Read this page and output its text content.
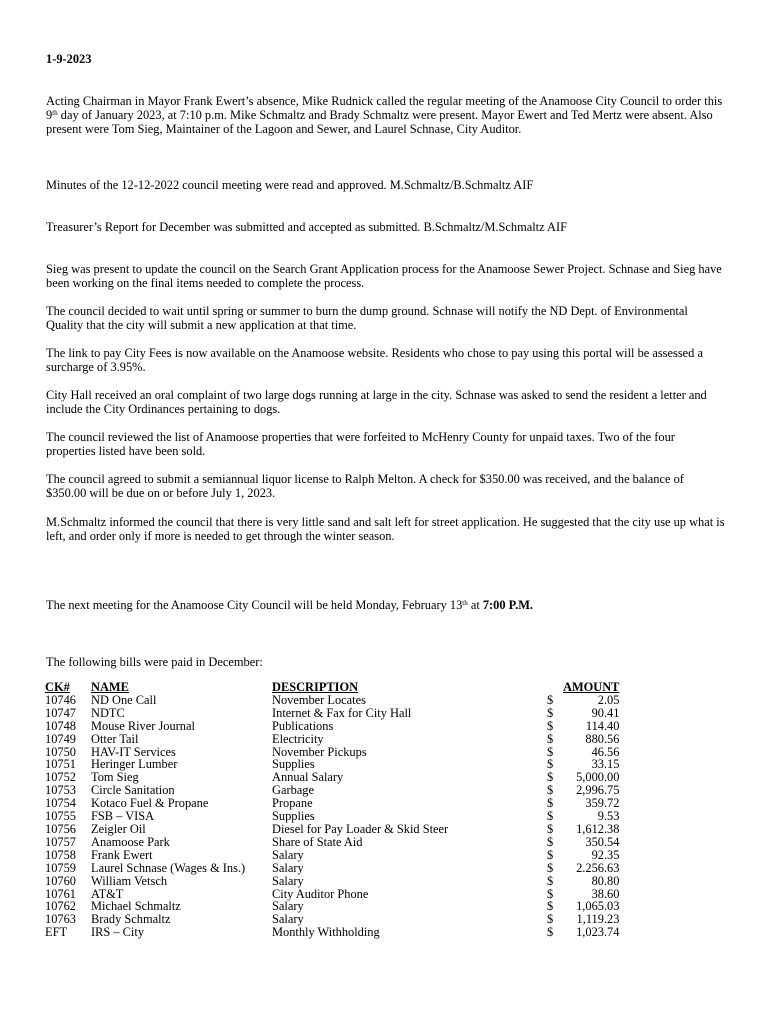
1-9-2023

Acting Chairman in Mayor Frank Ewert’s absence, Mike Rudnick called the regular meeting of the Anamoose City Council to order this 9th day of January 2023, at 7:10 p.m. Mike Schmaltz and Brady Schmaltz were present. Mayor Ewert and Ted Mertz were absent. Also present were Tom Sieg, Maintainer of the Lagoon and Sewer, and Laurel Schnase, City Auditor.

Minutes of the 12-12-2022 council meeting were read and approved. M.Schmaltz/B.Schmaltz AIF

Treasurer’s Report for December was submitted and accepted as submitted. B.Schmaltz/M.Schmaltz AIF

Sieg was present to update the council on the Search Grant Application process for the Anamoose Sewer Project. Schnase and Sieg have been working on the final items needed to complete the process.

The council decided to wait until spring or summer to burn the dump ground. Schnase will notify the ND Dept. of Environmental Quality that the city will submit a new application at that time.

The link to pay City Fees is now available on the Anamoose website. Residents who chose to pay using this portal will be assessed a surcharge of 3.95%.

City Hall received an oral complaint of two large dogs running at large in the city. Schnase was asked to send the resident a letter and include the City Ordinances pertaining to dogs.

The council reviewed the list of Anamoose properties that were forfeited to McHenry County for unpaid taxes. Two of the four properties listed have been sold.

The council agreed to submit a semiannual liquor license to Ralph Melton. A check for $350.00 was received, and the balance of $350.00 will be due on or before July 1, 2023.

M.Schmaltz informed the council that there is very little sand and salt left for street application. He suggested that the city use up what is left, and order only if more is needed to get through the winter season.

The next meeting for the Anamoose City Council will be held Monday, February 13th at 7:00 P.M.

The following bills were paid in December:

CK#	NAME	DESCRIPTION		AMOUNT
10746	ND One Call	November Locates	$	2.05
10747	NDTC	Internet & Fax for City Hall	$	90.41
10748	Mouse River Journal	Publications	$	114.40
10749	Otter Tail	Electricity	$	880.56
10750	HAV-IT Services	November Pickups	$	46.56
10751	Heringer Lumber	Supplies	$	33.15
10752	Tom Sieg	Annual Salary	$	5,000.00
10753	Circle Sanitation	Garbage	$	2,996.75
10754	Kotaco Fuel & Propane	Propane	$	359.72
10755	FSB – VISA	Supplies	$	9.53
10756	Zeigler Oil	Diesel for Pay Loader & Skid Steer	$	1,612.38
10757	Anamoose Park	Share of State Aid	$	350.54
10758	Frank Ewert	Salary	$	92.35
10759	Laurel Schnase (Wages & Ins.)	Salary	$	2.256.63
10760	William Vetsch	Salary	$	80.80
10761	AT&T	City Auditor Phone	$	38.60
10762	Michael Schmaltz	Salary	$	1,065.03
10763	Brady Schmaltz	Salary	$	1,119.23
EFT	IRS – City	Monthly Withholding	$	1,023.74
